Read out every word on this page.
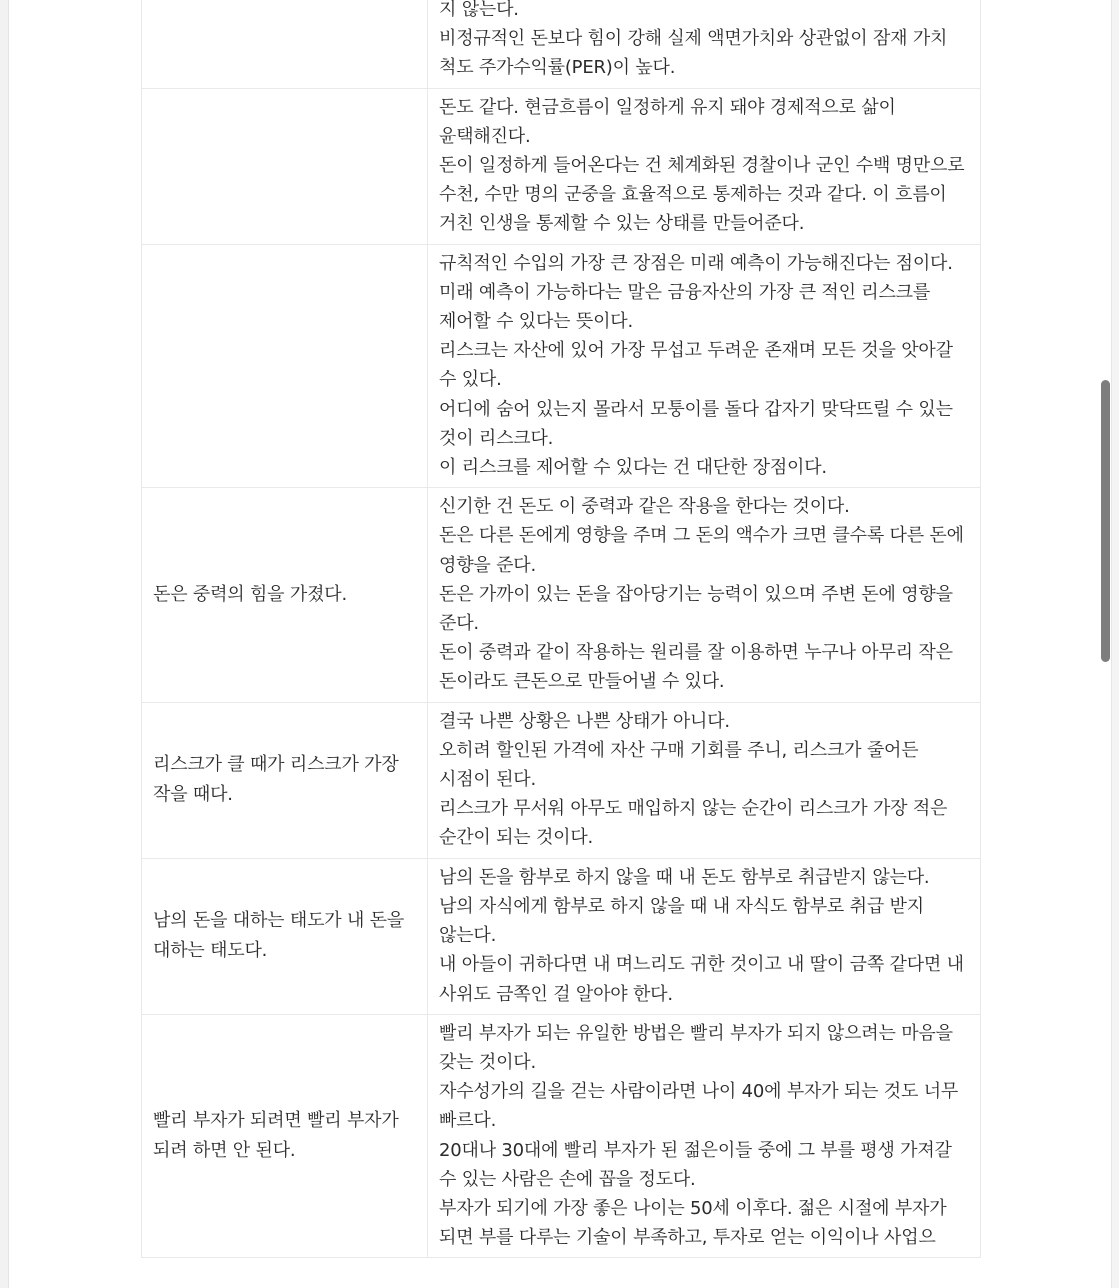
	지 않는다.
비정규적인 돈보다 힘이 강해 실제 액면가치와 상관없이 잠재 가치 척도 주가수익률(PER)이 높다.

	돈도 같다. 현금흐름이 일정하게 유지 돼야 경제적으로 삶이 윤택해진다.
돈이 일정하게 들어온다는 건 체계화된 경찰이나 군인 수백 명만으로 수천, 수만 명의 군중을 효율적으로 통제하는 것과 같다. 이 흐름이 거친 인생을 통제할 수 있는 상태를 만들어준다.

	규칙적인 수입의 가장 큰 장점은 미래 예측이 가능해진다는 점이다.
미래 예측이 가능하다는 말은 금융자산의 가장 큰 적인 리스크를 제어할 수 있다는 뜻이다.
리스크는 자산에 있어 가장 무섭고 두려운 존재며 모든 것을 앗아갈 수 있다.
어디에 숨어 있는지 몰라서 모퉁이를 돌다 갑자기 맞닥뜨릴 수 있는 것이 리스크다.
이 리스크를 제어할 수 있다는 건 대단한 장점이다.

돈은 중력의 힘을 가졌다.	신기한 건 돈도 이 중력과 같은 작용을 한다는 것이다.
돈은 다른 돈에게 영향을 주며 그 돈의 액수가 크면 클수록 다른 돈에 영향을 준다.
돈은 가까이 있는 돈을 잡아당기는 능력이 있으며 주변 돈에 영향을 준다.
돈이 중력과 같이 작용하는 원리를 잘 이용하면 누구나 아무리 작은 돈이라도 큰돈으로 만들어낼 수 있다.

리스크가 클 때가 리스크가 가장 작을 때다.	결국 나쁜 상황은 나쁜 상태가 아니다.
오히려 할인된 가격에 자산 구매 기회를 주니, 리스크가 줄어든 시점이 된다.
리스크가 무서워 아무도 매입하지 않는 순간이 리스크가 가장 적은 순간이 되는 것이다.

남의 돈을 대하는 태도가 내 돈을 대하는 태도다.	남의 돈을 함부로 하지 않을 때 내 돈도 함부로 취급받지 않는다.
남의 자식에게 함부로 하지 않을 때 내 자식도 함부로 취급 받지 않는다.
내 아들이 귀하다면 내 며느리도 귀한 것이고 내 딸이 금쪽 같다면 내 사위도 금쪽인 걸 알아야 한다.

빨리 부자가 되려면 빨리 부자가 되려 하면 안 된다.	빨리 부자가 되는 유일한 방법은 빨리 부자가 되지 않으려는 마음을 갖는 것이다.
자수성가의 길을 걷는 사람이라면 나이 40에 부자가 되는 것도 너무 빠르다.
20대나 30대에 빨리 부자가 된 젊은이들 중에 그 부를 평생 가져갈 수 있는 사람은 손에 꼽을 정도다.
부자가 되기에 가장 좋은 나이는 50세 이후다. 젊은 시절에 부자가 되면 부를 다루는 기술이 부족하고, 투자로 얻는 이익이나 사업으
